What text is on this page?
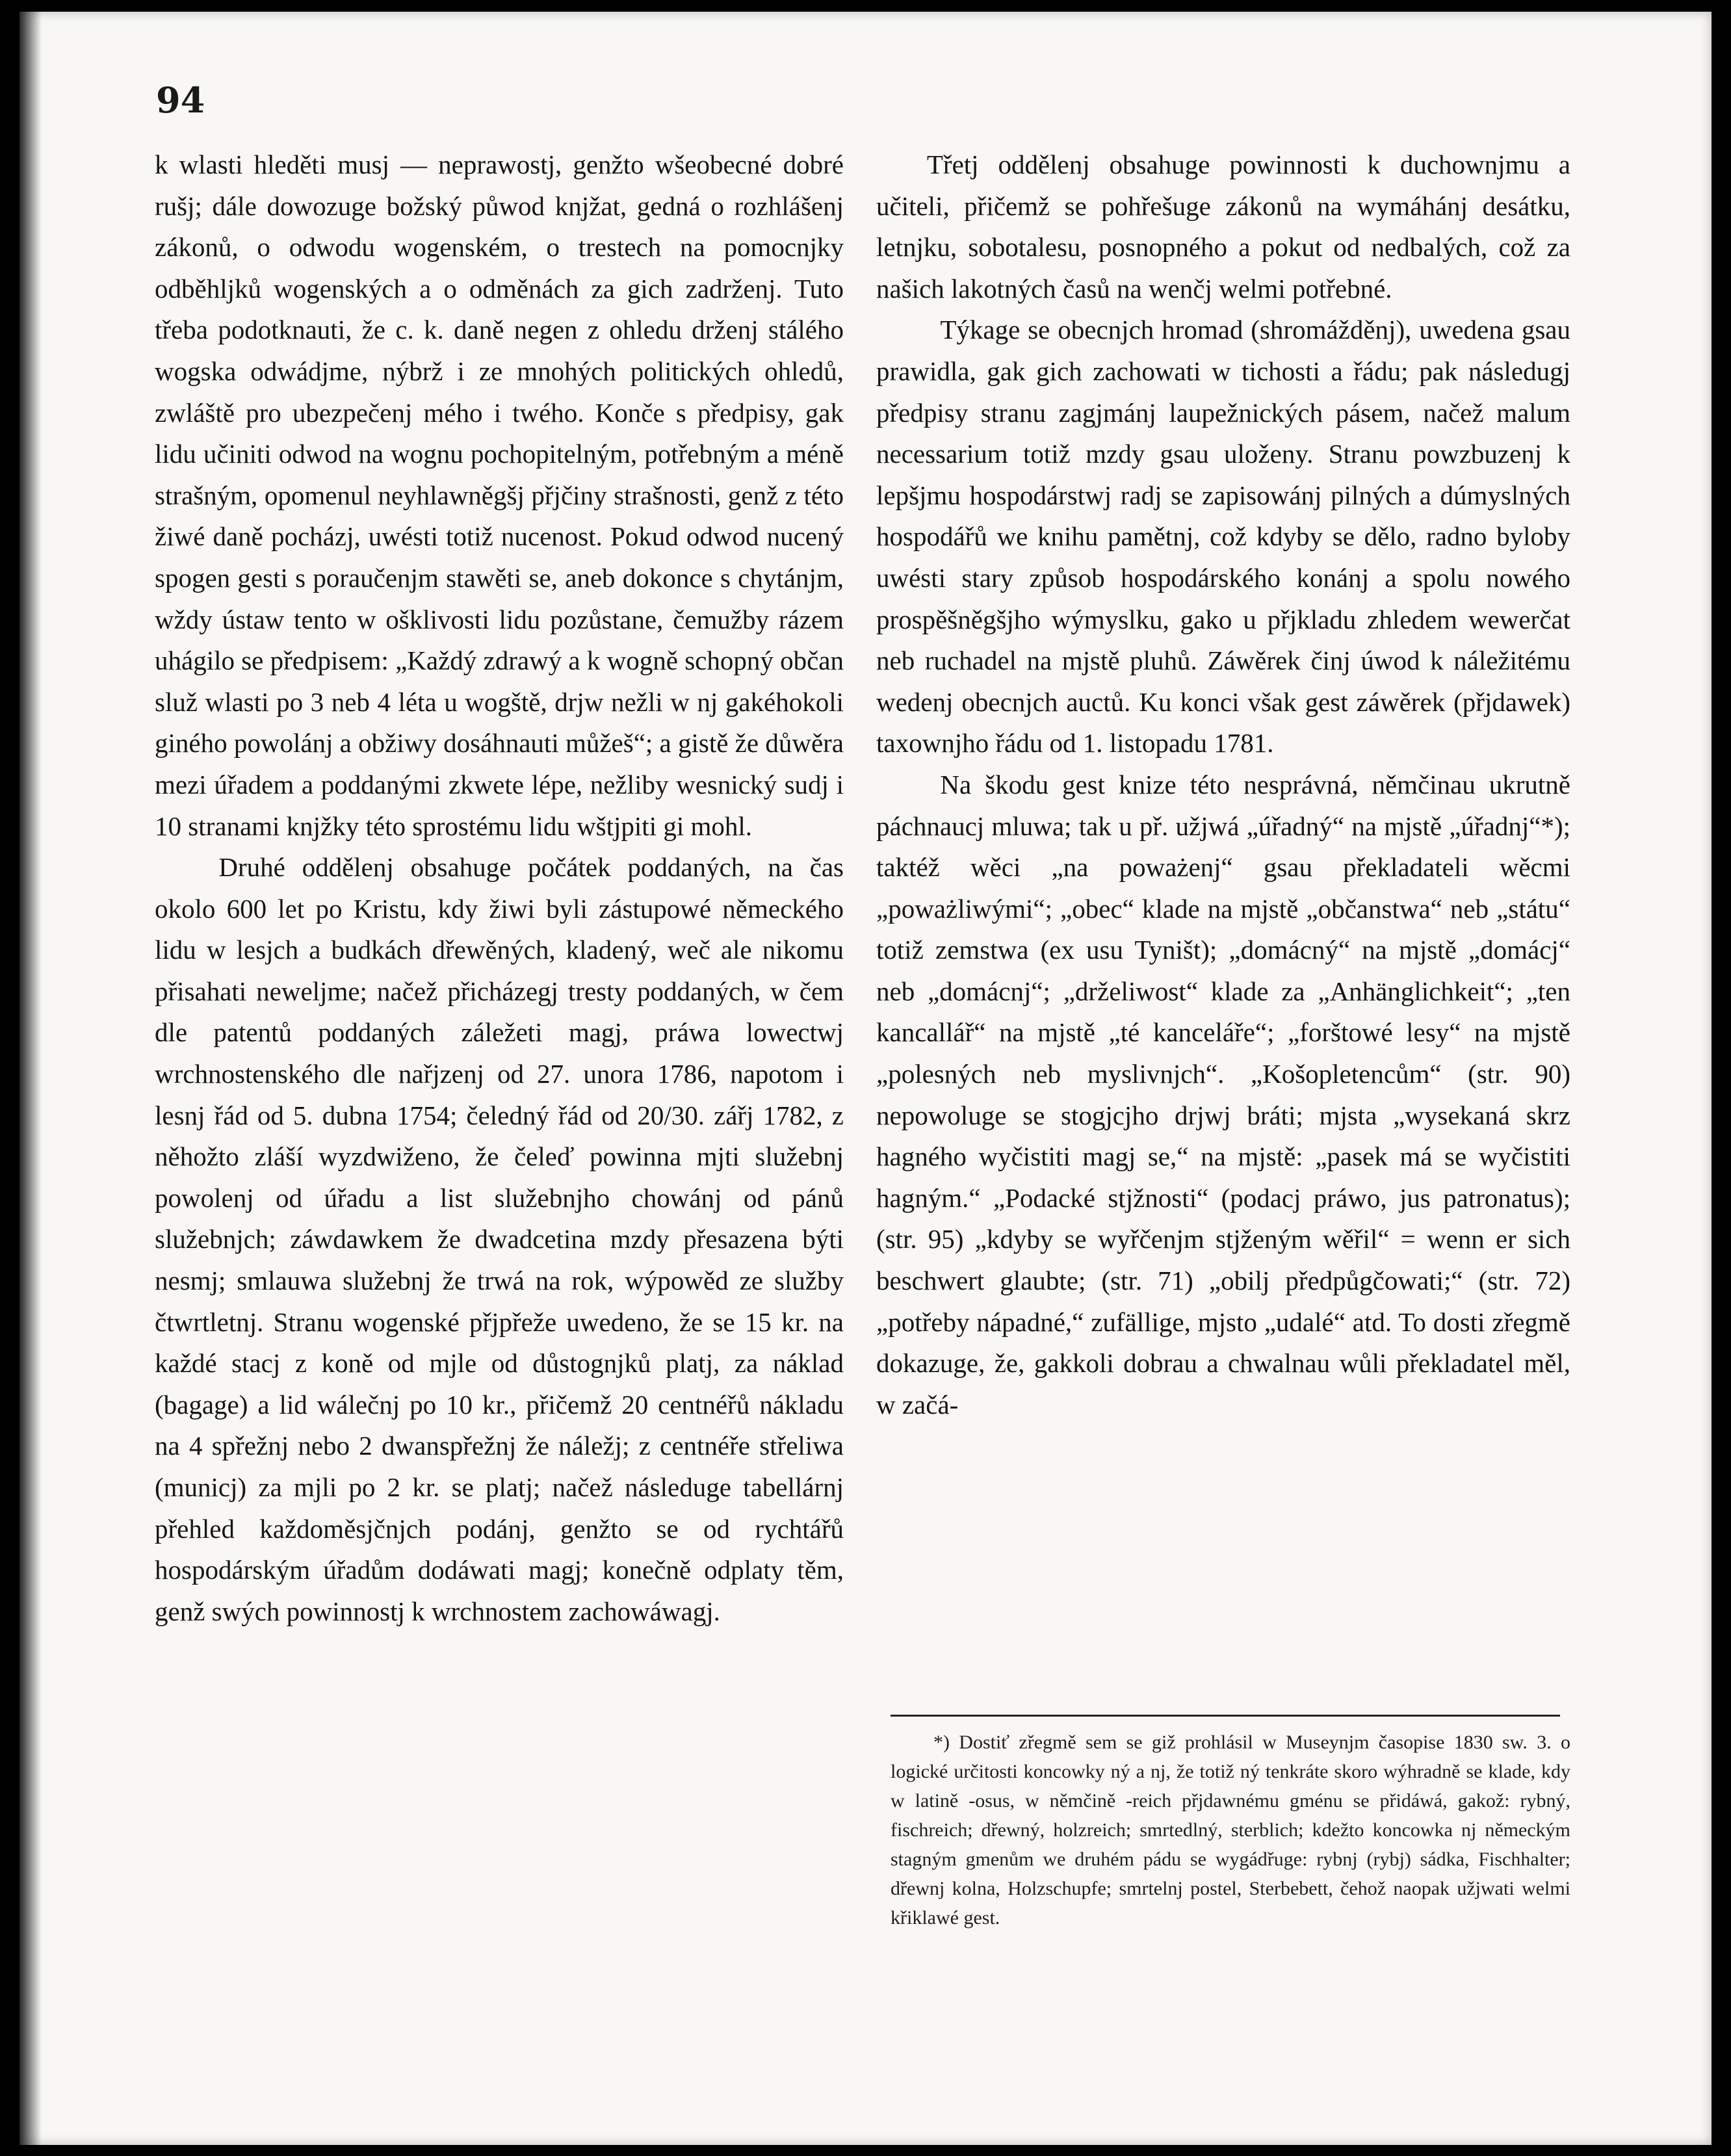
94

k wlasti hleděti musj — neprawostj, genžto wšeobecné dobré rušj; dále dowozuge božský půwod knjžat, gedná o rozhlášenj zákonů, o odwodu wogenském, o trestech na pomocnjky odběhljků wogenských a o odměnách za gich zadrženj. Tuto třeba podotknauti, že c. k. daně negen z ohledu drženj stálého wogska odwádjme, nýbrž i ze mnohých politických ohledů, zwláště pro ubezpečenj mého i twého. Konče s předpisy, gak lidu učiniti odwod na wognu pochopitelným, potřebným a méně strašným, opomenul neyhlawněgšj přjčiny strašnosti, genž z této žiwé daně pocházj, uwésti totiž nucenost. Pokud odwod nucený spogen gesti s poraučenjm stawěti se, aneb dokonce s chytánjm, wždy ústaw tento w ošklivosti lidu pozůstane, čemužby rázem uhágilo se předpisem: „Každý zdrawý a k wogně schopný občan služ wlasti po 3 neb 4 léta u wogště, drjw nežli w nj gakéhokoli giného powolánj a obžiwy dosáhnauti můžeš“; a gistě že důwěra mezi úřadem a poddanými zkwete lépe, nežliby wesnický sudj i 10 stranami knjžky této sprostému lidu wštjpiti gi mohl.

Druhé oddělenj obsahuge počátek poddaných, na čas okolo 600 let po Kristu, kdy žiwi byli zástupowé německého lidu w lesjch a budkách dřewěných, kladený, weč ale nikomu přisahati neweljme; načež přicházegj tresty poddaných, w čem dle patentů poddaných záležeti magj, práwa lowectwj wrchnostenského dle nařjzenj od 27. unora 1786, napotom i lesnj řád od 5. dubna 1754; čeledný řád od 20/30. zářj 1782, z něhožto zláší wyzdwiženo, že čeleď powinna mjti služebnj powolenj od úřadu a list služebnjho chowánj od pánů služebnjch; záwdawkem že dwadcetina mzdy přesazena býti nesmj; smlauwa služebnj že trwá na rok, wýpowěd ze služby čtwrtletnj. Stranu wogenské přjpřeže uwedeno, že se 15 kr. na každé stacj z koně od mjle od důstognjků platj, za náklad (bagage) a lid wálečnj po 10 kr., přičemž 20 centnéřů nákladu na 4 spřežnj nebo 2 dwanspřežnj že náležj; z centnéře střeliwa (municj) za mjli po 2 kr. se platj; načež následuge tabellárnj přehled každoměsjčnjch podánj, genžto se od rychtářů hospodárským úřadům dodáwati magj; konečně odplaty těm, genž swých powinnostj k wrchnostem zachowáwagj.

Třetj oddělenj obsahuge powinnosti k duchownjmu a učiteli, přičemž se pohřešuge zákonů na wymáhánj desátku, letnjku, sobotalesu, posnopného a pokut od nedbalých, což za našich lakotných časů na wenčj welmi potřebné.

Týkage se obecnjch hromad (shromážděnj), uwedena gsau prawidla, gak gich zachowati w tichosti a řádu; pak následugj předpisy stranu zagjmánj laupežnických pásem, načež malum necessarium totiž mzdy gsau uloženy. Stranu powzbuzenj k lepšjmu hospodárstwj radj se zapisowánj pilných a dúmyslných hospodářů we knihu pamětnj, což kdyby se dělo, radno byloby uwésti stary způsob hospodárského konánj a spolu nowého prospěšněgšjho wýmyslku, gako u přjkladu zhledem wewerčat neb ruchadel na mjstě pluhů. Záwěrek činj úwod k náležitému wedenj obecnjch auctů. Ku konci však gest záwěrek (přjdawek) taxownjho řádu od 1. listopadu 1781.

Na škodu gest knize této nesprávná, němčinau ukrutně páchnaucj mluwa; tak u př. užjwá „úřadný“ na mjstě „úřadnj“*); taktéž wěci „na poważenj“ gsau překladateli wěcmi „poważliwými“; „obec“ klade na mjstě „občanstwa“ neb „státu“ totiž zemstwa (ex usu Tyništ); „domácný“ na mjstě „domácj“ neb „domácnj“; „drželiwost“ klade za „Anhänglichkeit“; „ten kancallář“ na mjstě „té kanceláře“; „forštowé lesy“ na mjstě „polesných neb myslivnjch“. „Košopletencům“ (str. 90) nepowoluge se stogjcjho drjwj bráti; mjsta „wysekaná skrz hagného wyčistiti magj se,“ na mjstě: „pasek má se wyčistiti hagným.“ „Podacké stjžnosti“ (podacj práwo, jus patronatus); (str. 95) „kdyby se wyřčenjm stjženým wěřil“ = wenn er sich beschwert glaubte; (str. 71) „obilj předpůgčowati;“ (str. 72) „potřeby nápadné,“ zufällige, mjsto „udalé“ atd. To dosti zřegmě dokazuge, že, gakkoli dobrau a chwalnau wůli překladatel měl, w začá-

*) Dostiť zřegmě sem se giž prohlásil w Museynjm časopise 1830 sw. 3. o logické určitosti koncowky ný a nj, že totiž ný tenkráte skoro wýhradně se klade, kdy w latině -osus, w němčině -reich přjdawnému gménu se přidáwá, gakož: rybný, fischreich; dřewný, holzreich; smrtedlný, sterblich; kdežto koncowka nj německým stagným gmenům we druhém pádu se wygádřuge: rybnj (rybj) sádka, Fischhalter; dřewnj kolna, Holzschupfe; smrtelnj postel, Sterbebett, čehož naopak užjwati welmi křiklawé gest.
